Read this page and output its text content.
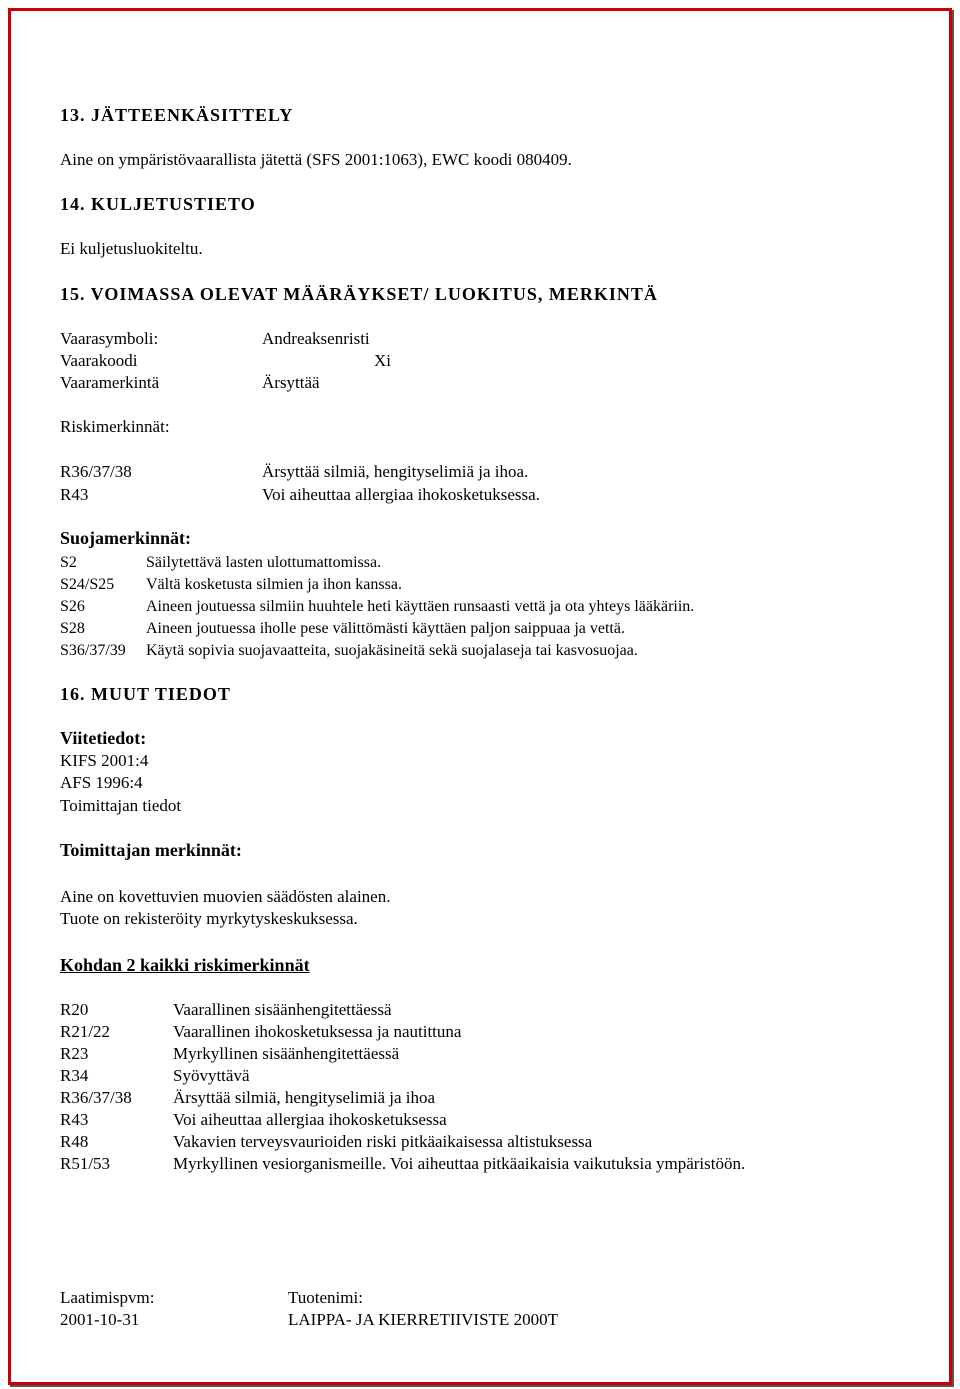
13. JÄTTEENKÄSITTELY
Aine on ympäristövaarallista jätettä (SFS 2001:1063), EWC koodi 080409.
14. KULJETUSTIETO
Ei kuljetusluokiteltu.
15. VOIMASSA OLEVAT MÄÄRÄYKSET/ LUOKITUS, MERKINTÄ
Vaarasymboli:	Andreaksenristi
Vaarakoodi	Xi
Vaaramerkintä	Ärsyttää
Riskimerkinnät:
R36/37/38	Ärsyttää silmiä, hengityselimiä ja ihoa.
R43	Voi aiheuttaa allergiaa ihokosketuksessa.
Suojamerkinnät:
S2	Säilytettävä lasten ulottumattomissa.
S24/S25 Vältä kosketusta silmien ja ihon kanssa.
S26	Aineen joutuessa silmiin huuhtele heti käyttäen runsaasti vettä ja ota yhteys lääkäriin.
S28	Aineen joutuessa iholle pese välittömästi käyttäen paljon saippuaa ja vettä.
S36/37/39 Käytä sopivia suojavaatteita, suojakäsineitä sekä suojalaseja tai kasvosuojaa.
16. MUUT TIEDOT
Viitetiedot:
KIFS 2001:4
AFS 1996:4
Toimittajan tiedot
Toimittajan merkinnät:
Aine on kovettuvien muovien säädösten alainen.
Tuote on rekisteröity myrkytyskeskuksessa.
Kohdan 2 kaikki riskimerkinnät
R20	Vaarallinen sisäänhengitettäessä
R21/22	Vaarallinen ihokosketuksessa ja nautittuna
R23	Myrkyllinen sisäänhengitettäessä
R34	Syövyttävä
R36/37/38 Ärsyttää silmiä, hengityselimiä ja ihoa
R43	Voi aiheuttaa allergiaa ihokosketuksessa
R48	Vakavien terveysvaurioiden riski pitkäaikaisessa altistuksessa
R51/53	Myrkyllinen vesiorganismeille. Voi aiheuttaa pitkäaikaisia vaikutuksia ympäristöön.
Laatimispvm:	Tuotenimi:
2001-10-31	LAIPPA- JA KIERRETIIVISTE 2000T
